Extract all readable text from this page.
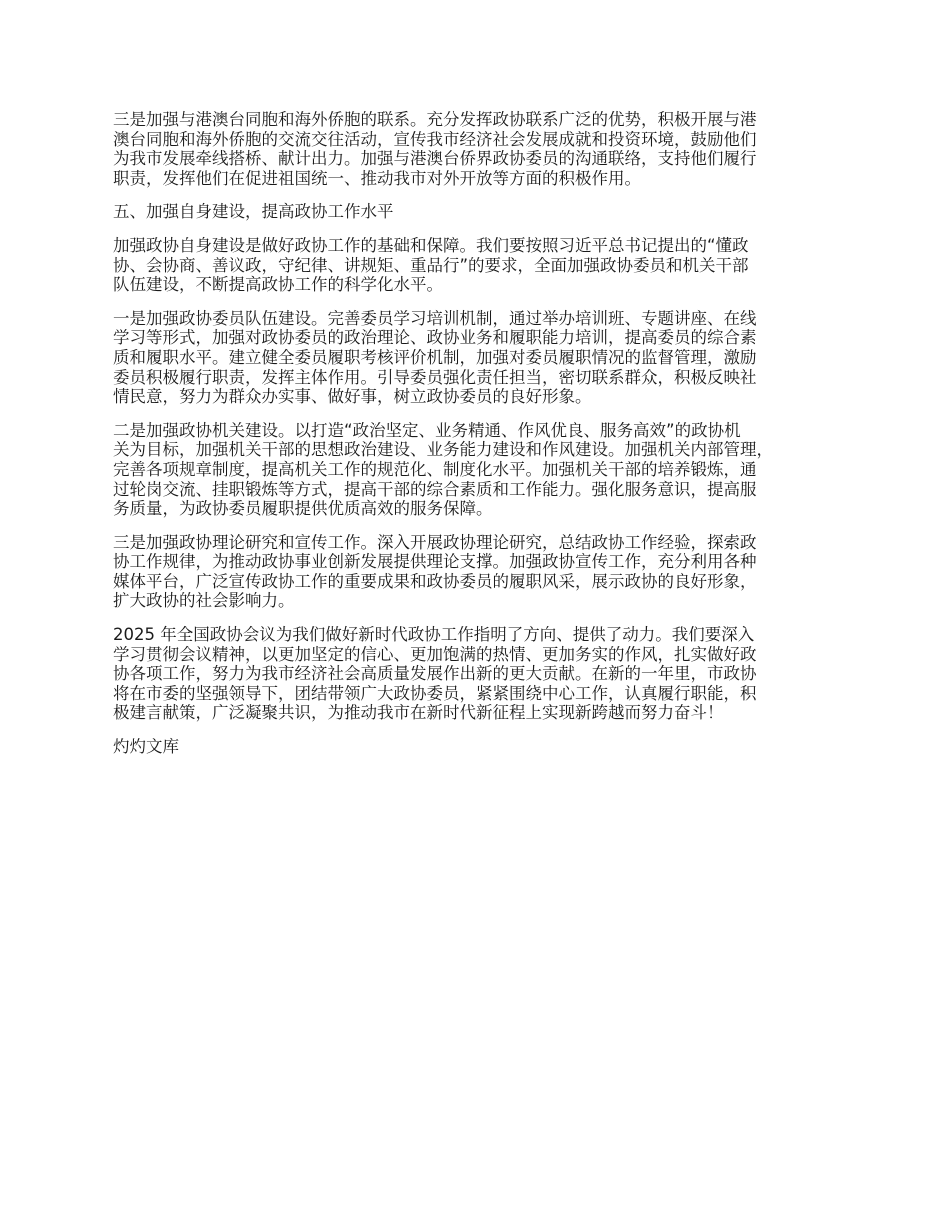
三是加强与港澳台同胞和海外侨胞的联系。充分发挥政协联系广泛的优势，积极开展与港
澳台同胞和海外侨胞的交流交往活动，宣传我市经济社会发展成就和投资环境，鼓励他们
为我市发展牵线搭桥、献计出力。加强与港澳台侨界政协委员的沟通联络，支持他们履行
职责，发挥他们在促进祖国统一、推动我市对外开放等方面的积极作用。

五、加强自身建设，提高政协工作水平

加强政协自身建设是做好政协工作的基础和保障。我们要按照习近平总书记提出的“懂政
协、会协商、善议政，守纪律、讲规矩、重品行”的要求，全面加强政协委员和机关干部
队伍建设，不断提高政协工作的科学化水平。

一是加强政协委员队伍建设。完善委员学习培训机制，通过举办培训班、专题讲座、在线
学习等形式，加强对政协委员的政治理论、政协业务和履职能力培训，提高委员的综合素
质和履职水平。建立健全委员履职考核评价机制，加强对委员履职情况的监督管理，激励
委员积极履行职责，发挥主体作用。引导委员强化责任担当，密切联系群众，积极反映社
情民意，努力为群众办实事、做好事，树立政协委员的良好形象。

二是加强政协机关建设。以打造“政治坚定、业务精通、作风优良、服务高效”的政协机
关为目标，加强机关干部的思想政治建设、业务能力建设和作风建设。加强机关内部管理，
完善各项规章制度，提高机关工作的规范化、制度化水平。加强机关干部的培养锻炼，通
过轮岗交流、挂职锻炼等方式，提高干部的综合素质和工作能力。强化服务意识，提高服
务质量，为政协委员履职提供优质高效的服务保障。

三是加强政协理论研究和宣传工作。深入开展政协理论研究，总结政协工作经验，探索政
协工作规律，为推动政协事业创新发展提供理论支撑。加强政协宣传工作，充分利用各种
媒体平台，广泛宣传政协工作的重要成果和政协委员的履职风采，展示政协的良好形象，
扩大政协的社会影响力。

2025 年全国政协会议为我们做好新时代政协工作指明了方向、提供了动力。我们要深入
学习贯彻会议精神，以更加坚定的信心、更加饱满的热情、更加务实的作风，扎实做好政
协各项工作，努力为我市经济社会高质量发展作出新的更大贡献。在新的一年里，市政协
将在市委的坚强领导下，团结带领广大政协委员，紧紧围绕中心工作，认真履行职能，积
极建言献策，广泛凝聚共识，为推动我市在新时代新征程上实现新跨越而努力奋斗！

灼灼文库
